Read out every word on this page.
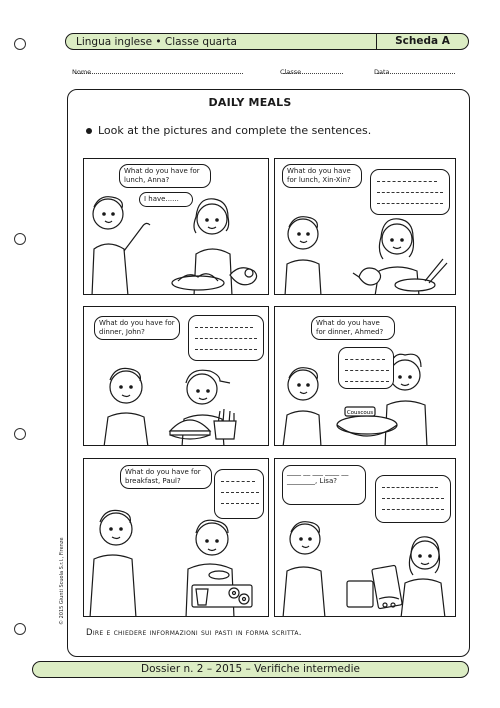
Lingua inglese • Classe quarta	Scheda A
Nome	Classe	Data
DAILY MEALS
Look at the pictures and complete the sentences.
What do you have for lunch, Anna?
I have......
What do you have for lunch, Xin-Xin?
What do you have for dinner, John?
Couscous
What do you have for dinner, Ahmed?
What do you have for breakfast, Paul?
____ __ ___ ____ __ ________, Lisa?
Dire e chiedere informazioni sui pasti in forma scritta.
Dossier n. 2 – 2015 – Verifiche intermedie
© 2015 Giunti Scuola S.r.l., Firenze
